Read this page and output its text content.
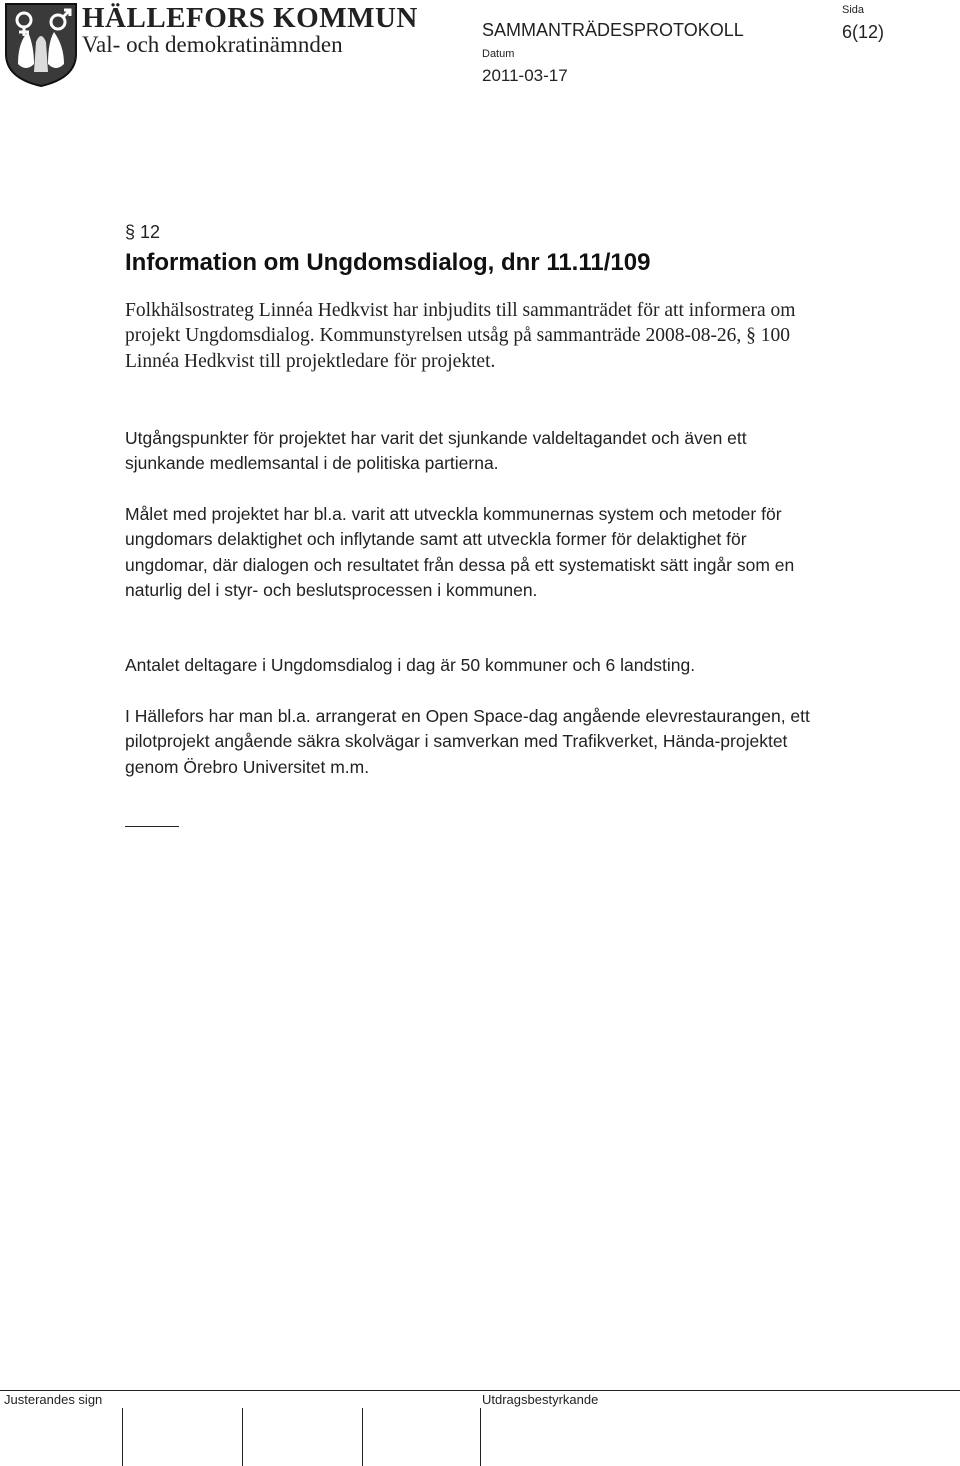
HÄLLEFORS KOMMUN
Val- och demokratinämnden
SAMMANTRÄDESPROTOKOLL
Datum
2011-03-17
Sida
6(12)
§ 12
Information om Ungdomsdialog, dnr 11.11/109

Folkhälsostrateg Linnéa Hedkvist har inbjudits till sammanträdet för att informera om projekt Ungdomsdialog. Kommunstyrelsen utsåg på sammanträde 2008-08-26, § 100 Linnéa Hedkvist till projektledare för projektet.

Utgångspunkter för projektet har varit det sjunkande valdeltagandet och även ett sjunkande medlemsantal i de politiska partierna.

Målet med projektet har bl.a. varit att utveckla kommunernas system och metoder för ungdomars delaktighet och inflytande samt att utveckla former för delaktighet för ungdomar, där dialogen och resultatet från dessa på ett systematiskt sätt ingår som en naturlig del i styr- och beslutsprocessen i kommunen.

Antalet deltagare i Ungdomsdialog i dag är 50 kommuner och 6 landsting.

I Hällefors har man bl.a. arrangerat en Open Space-dag angående elevrestaurangen, ett pilotprojekt angående säkra skolvägar i samverkan med Trafikverket, Hända-projektet genom Örebro Universitet m.m.

Justerandes sign	Utdragsbestyrkande
